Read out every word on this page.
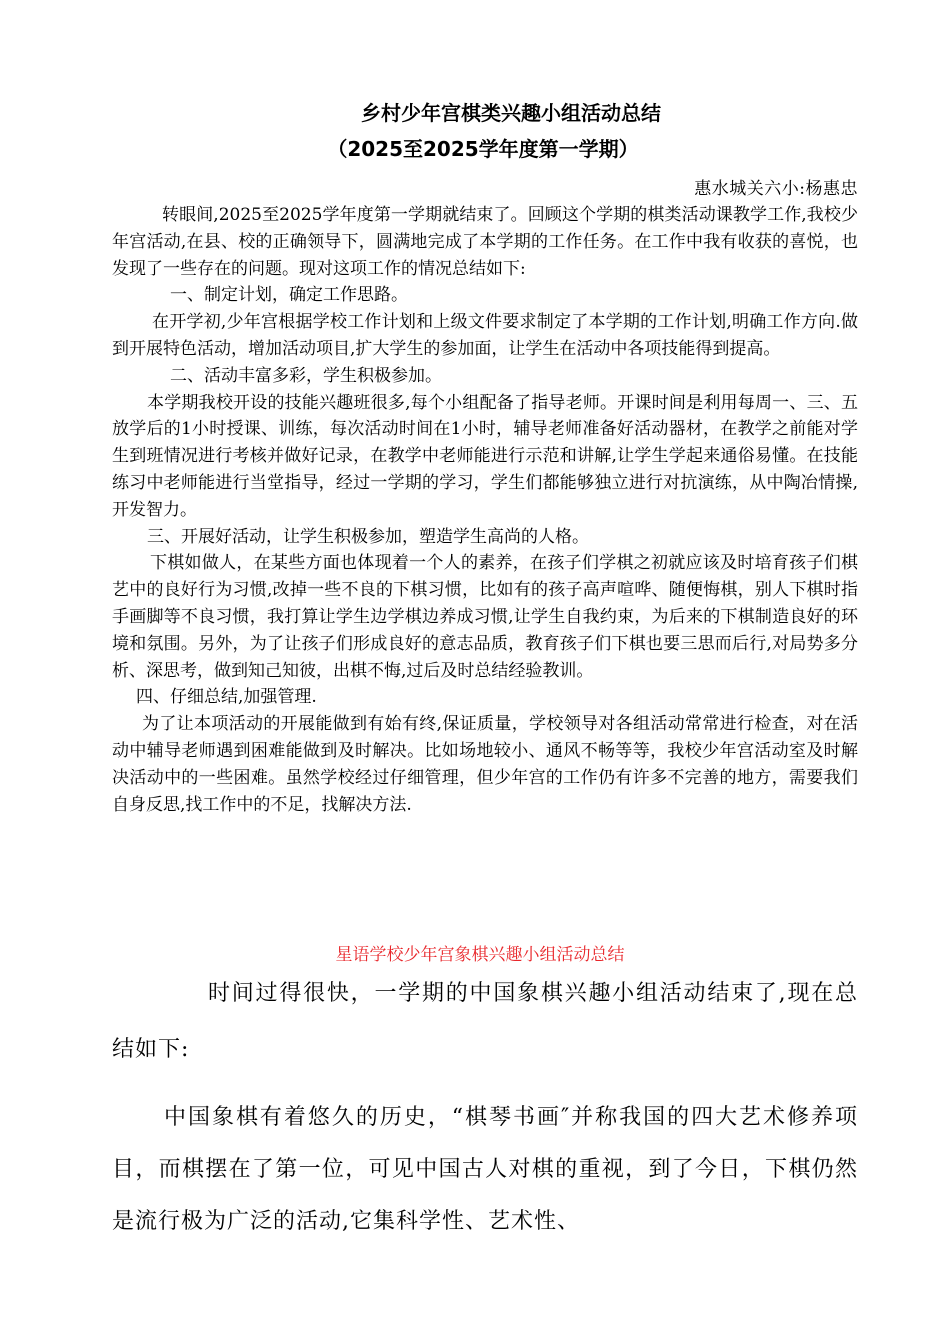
乡村少年宫棋类兴趣小组活动总结
（2025至2025学年度第一学期）

惠水城关六小:杨惠忠

转眼间,2025至2025学年度第一学期就结束了。回顾这个学期的棋类活动课教学工作,我校少年宫活动,在县、校的正确领导下，圆满地完成了本学期的工作任务。在工作中我有收获的喜悦，也发现了一些存在的问题。现对这项工作的情况总结如下:

一、制定计划，确定工作思路。

在开学初,少年宫根据学校工作计划和上级文件要求制定了本学期的工作计划,明确工作方向.做到开展特色活动，增加活动项目,扩大学生的参加面，让学生在活动中各项技能得到提高。

二、活动丰富多彩，学生积极参加。

本学期我校开设的技能兴趣班很多,每个小组配备了指导老师。开课时间是利用每周一、三、五放学后的1小时授课、训练，每次活动时间在1小时，辅导老师准备好活动器材，在教学之前能对学生到班情况进行考核并做好记录，在教学中老师能进行示范和讲解,让学生学起来通俗易懂。在技能练习中老师能进行当堂指导，经过一学期的学习，学生们都能够独立进行对抗演练，从中陶冶情操,开发智力。

三、开展好活动，让学生积极参加，塑造学生高尚的人格。

下棋如做人，在某些方面也体现着一个人的素养，在孩子们学棋之初就应该及时培育孩子们棋艺中的良好行为习惯,改掉一些不良的下棋习惯，比如有的孩子高声喧哗、随便悔棋，别人下棋时指手画脚等不良习惯，我打算让学生边学棋边养成习惯,让学生自我约束，为后来的下棋制造良好的环境和氛围。另外，为了让孩子们形成良好的意志品质，教育孩子们下棋也要三思而后行,对局势多分析、深思考，做到知己知彼，出棋不悔,过后及时总结经验教训。

四、仔细总结,加强管理.

为了让本项活动的开展能做到有始有终,保证质量，学校领导对各组活动常常进行检查，对在活动中辅导老师遇到困难能做到及时解决。比如场地较小、通风不畅等等，我校少年宫活动室及时解决活动中的一些困难。虽然学校经过仔细管理，但少年宫的工作仍有许多不完善的地方，需要我们自身反思,找工作中的不足，找解决方法.

星语学校少年宫象棋兴趣小组活动总结

时间过得很快，一学期的中国象棋兴趣小组活动结束了,现在总结如下:

中国象棋有着悠久的历史，“棋琴书画″并称我国的四大艺术修养项目，而棋摆在了第一位，可见中国古人对棋的重视，到了今日，下棋仍然是流行极为广泛的活动,它集科学性、艺术性、
